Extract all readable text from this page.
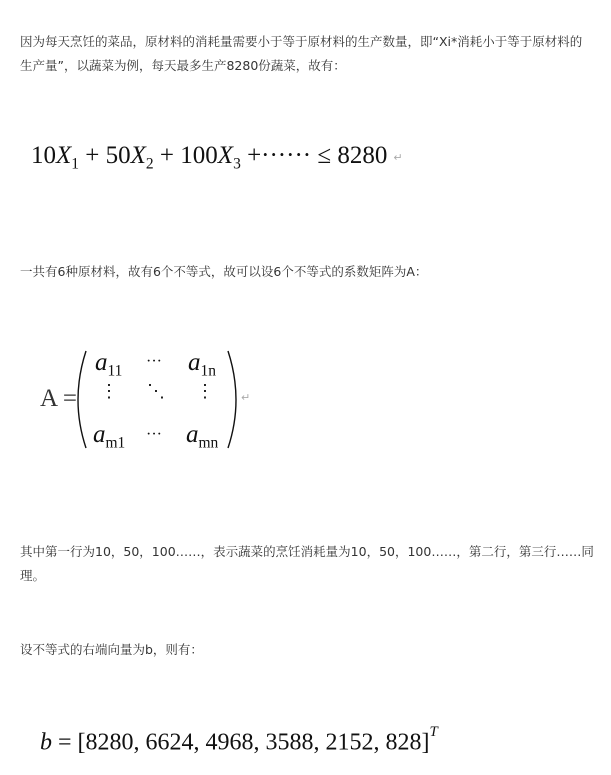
因为每天烹饪的菜品，原材料的消耗量需要小于等于原材料的生产数量，即“Xi*消耗小于等于原材料的生产量”，以蔬菜为例，每天最多生产8280份蔬菜，故有：
$10X_1 + 50X_2 + 100X_3$ +······ ≤ 8280 ↵
一共有6种原材料，故有6个不等式，故可以设6个不等式的系数矩阵为A：
A =
$a_{11}$
··· $a_{1n}$
⋮ ⋱ ⋮
$a_{m1}$ ··· $a_{mn}$
↵
其中第一行为10，50，100……，表示蔬菜的烹饪消耗量为10，50，100……，第二行，第三行……同理。
设不等式的右端向量为b，则有：
b = [8280, 6624, 4968, 3588, 2152, 828]$^T$
